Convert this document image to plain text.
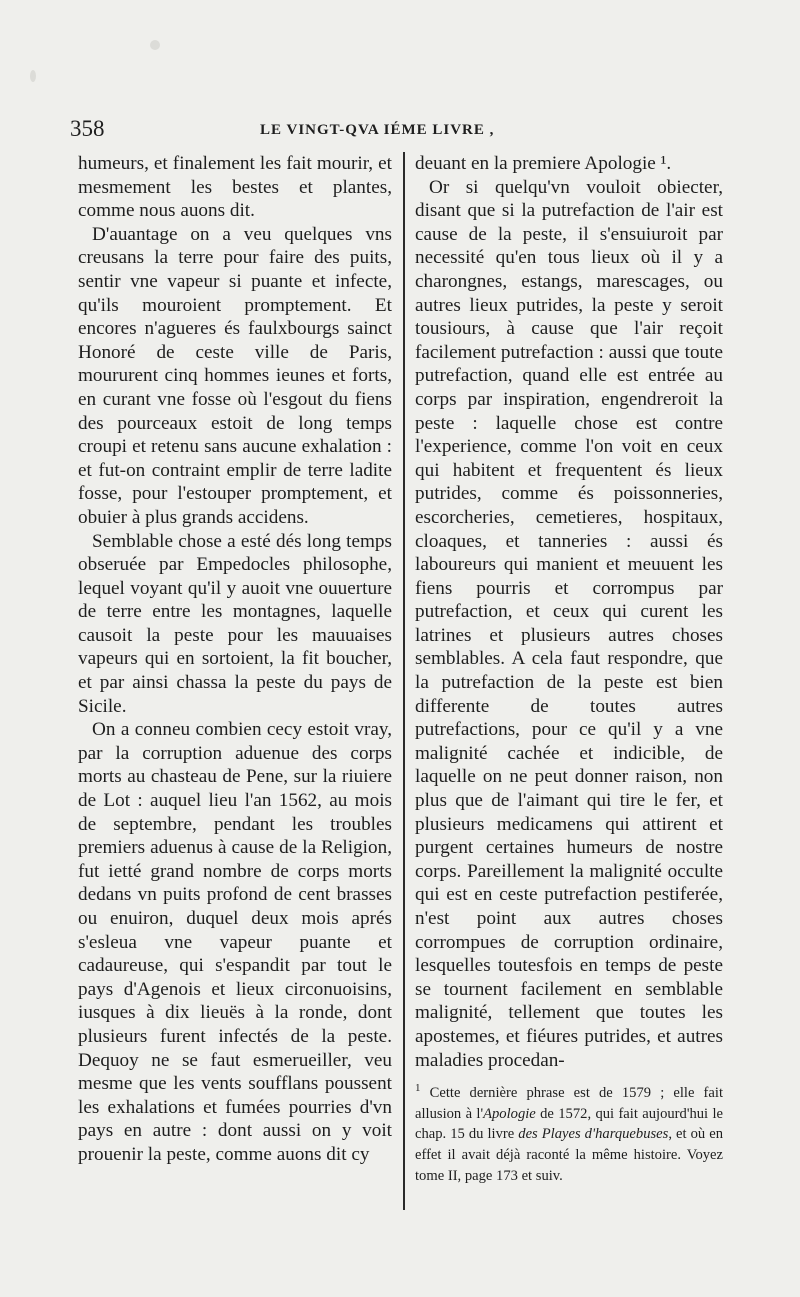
358	LE VINGT-QVA IÉME LIVRE ,

humeurs, et finalement les fait mourir, et mesmement les bestes et plantes, comme nous auons dit.

D'auantage on a veu quelques vns creusans la terre pour faire des puits, sentir vne vapeur si puante et infecte, qu'ils mouroient promptement. Et encores n'agueres és faulxbourgs sainct Honoré de ceste ville de Paris, moururent cinq hommes ieunes et forts, en curant vne fosse où l'esgout du fiens des pourceaux estoit de long temps croupi et retenu sans aucune exhalation : et fut-on contraint emplir de terre ladite fosse, pour l'estouper promptement, et obuier à plus grands accidens.

Semblable chose a esté dés long temps obseruée par Empedocles philosophe, lequel voyant qu'il y auoit vne ouuerture de terre entre les montagnes, laquelle causoit la peste pour les mauuaises vapeurs qui en sortoient, la fit boucher, et par ainsi chassa la peste du pays de Sicile.

On a conneu combien cecy estoit vray, par la corruption aduenue des corps morts au chasteau de Pene, sur la riuiere de Lot : auquel lieu l'an 1562, au mois de septembre, pendant les troubles premiers aduenus à cause de la Religion, fut ietté grand nombre de corps morts dedans vn puits profond de cent brasses ou enuiron, duquel deux mois aprés s'esleua vne vapeur puante et cadaureuse, qui s'espandit par tout le pays d'Agenois et lieux circonuoisins, iusques à dix lieuës à la ronde, dont plusieurs furent infectés de la peste. Dequoy ne se faut esmerueiller, veu mesme que les vents soufflans poussent les exhalations et fumées pourries d'vn pays en autre : dont aussi on y voit prouenir la peste, comme auons dit cy

deuant en la premiere Apologie ¹.

Or si quelqu'vn vouloit obiecter, disant que si la putrefaction de l'air est cause de la peste, il s'ensuiuroit par necessité qu'en tous lieux où il y a charongnes, estangs, marescages, ou autres lieux putrides, la peste y seroit tousiours, à cause que l'air reçoit facilement putrefaction : aussi que toute putrefaction, quand elle est entrée au corps par inspiration, engendreroit la peste : laquelle chose est contre l'experience, comme l'on voit en ceux qui habitent et frequentent és lieux putrides, comme és poissonneries, escorcheries, cemetieres, hospitaux, cloaques, et tanneries : aussi és laboureurs qui manient et meuuent les fiens pourris et corrompus par putrefaction, et ceux qui curent les latrines et plusieurs autres choses semblables. A cela faut respondre, que la putrefaction de la peste est bien differente de toutes autres putrefactions, pour ce qu'il y a vne malignité cachée et indicible, de laquelle on ne peut donner raison, non plus que de l'aimant qui tire le fer, et plusieurs medicamens qui attirent et purgent certaines humeurs de nostre corps. Pareillement la malignité occulte qui est en ceste putrefaction pestiferée, n'est point aux autres choses corrompues de corruption ordinaire, lesquelles toutesfois en temps de peste se tournent facilement en semblable malignité, tellement que toutes les apostemes, et fiéures putrides, et autres maladies procedan-

$^1$ Cette dernière phrase est de 1579 ; elle fait allusion à l'Apologie de 1572, qui fait aujourd'hui le chap. 15 du livre des Playes d'harquebuses, et où en effet il avait déjà raconté la même histoire. Voyez tome II, page 173 et suiv.
